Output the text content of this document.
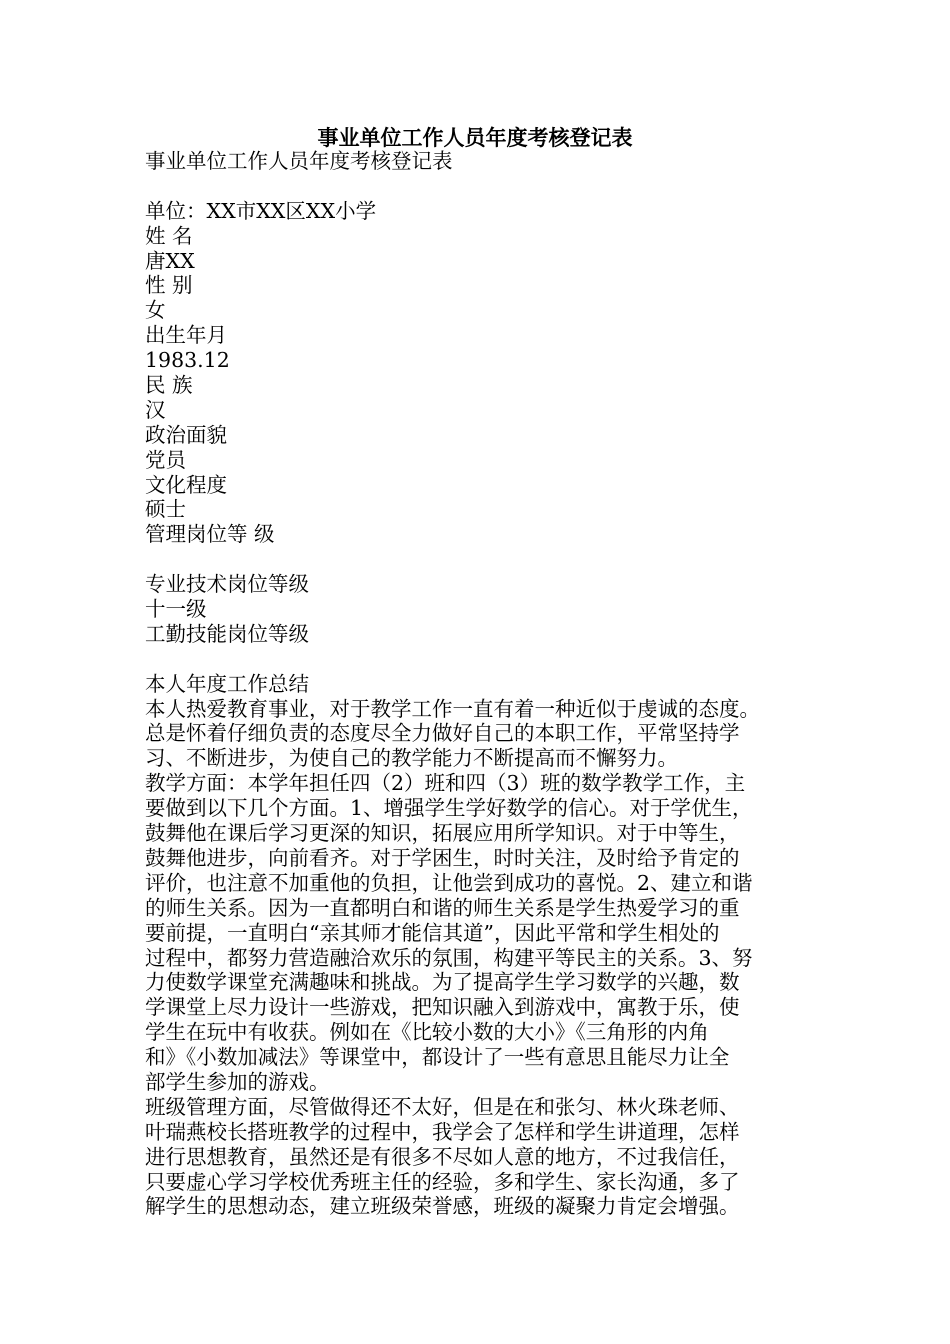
事业单位工作人员年度考核登记表
事业单位工作人员年度考核登记表
单位：XX市XX区XX小学
姓 名
唐XX
性 别
女
出生年月
1983.12
民 族
汉
政治面貌
党员
文化程度
硕士
管理岗位等 级
专业技术岗位等级
十一级
工勤技能岗位等级
本人年度工作总结
本人热爱教育事业，对于教学工作一直有着一种近似于虔诚的态度。
总是怀着仔细负责的态度尽全力做好自己的本职工作，平常坚持学
习、不断进步，为使自己的教学能力不断提高而不懈努力。
教学方面：本学年担任四（2）班和四（3）班的数学教学工作，主
要做到以下几个方面。1、增强学生学好数学的信心。对于学优生，
鼓舞他在课后学习更深的知识，拓展应用所学知识。对于中等生，
鼓舞他进步，向前看齐。对于学困生，时时关注，及时给予肯定的
评价，也注意不加重他的负担，让他尝到成功的喜悦。2、建立和谐
的师生关系。因为一直都明白和谐的师生关系是学生热爱学习的重
要前提，一直明白“亲其师才能信其道”，因此平常和学生相处的
过程中，都努力营造融洽欢乐的氛围，构建平等民主的关系。3、努
力使数学课堂充满趣味和挑战。为了提高学生学习数学的兴趣，数
学课堂上尽力设计一些游戏，把知识融入到游戏中，寓教于乐，使
学生在玩中有收获。例如在《比较小数的大小》《三角形的内角
和》《小数加减法》等课堂中，都设计了一些有意思且能尽力让全
部学生参加的游戏。
班级管理方面，尽管做得还不太好，但是在和张匀、林火珠老师、
叶瑞燕校长搭班教学的过程中，我学会了怎样和学生讲道理，怎样
进行思想教育，虽然还是有很多不尽如人意的地方，不过我信任，
只要虚心学习学校优秀班主任的经验，多和学生、家长沟通，多了
解学生的思想动态，建立班级荣誉感，班级的凝聚力肯定会增强。
